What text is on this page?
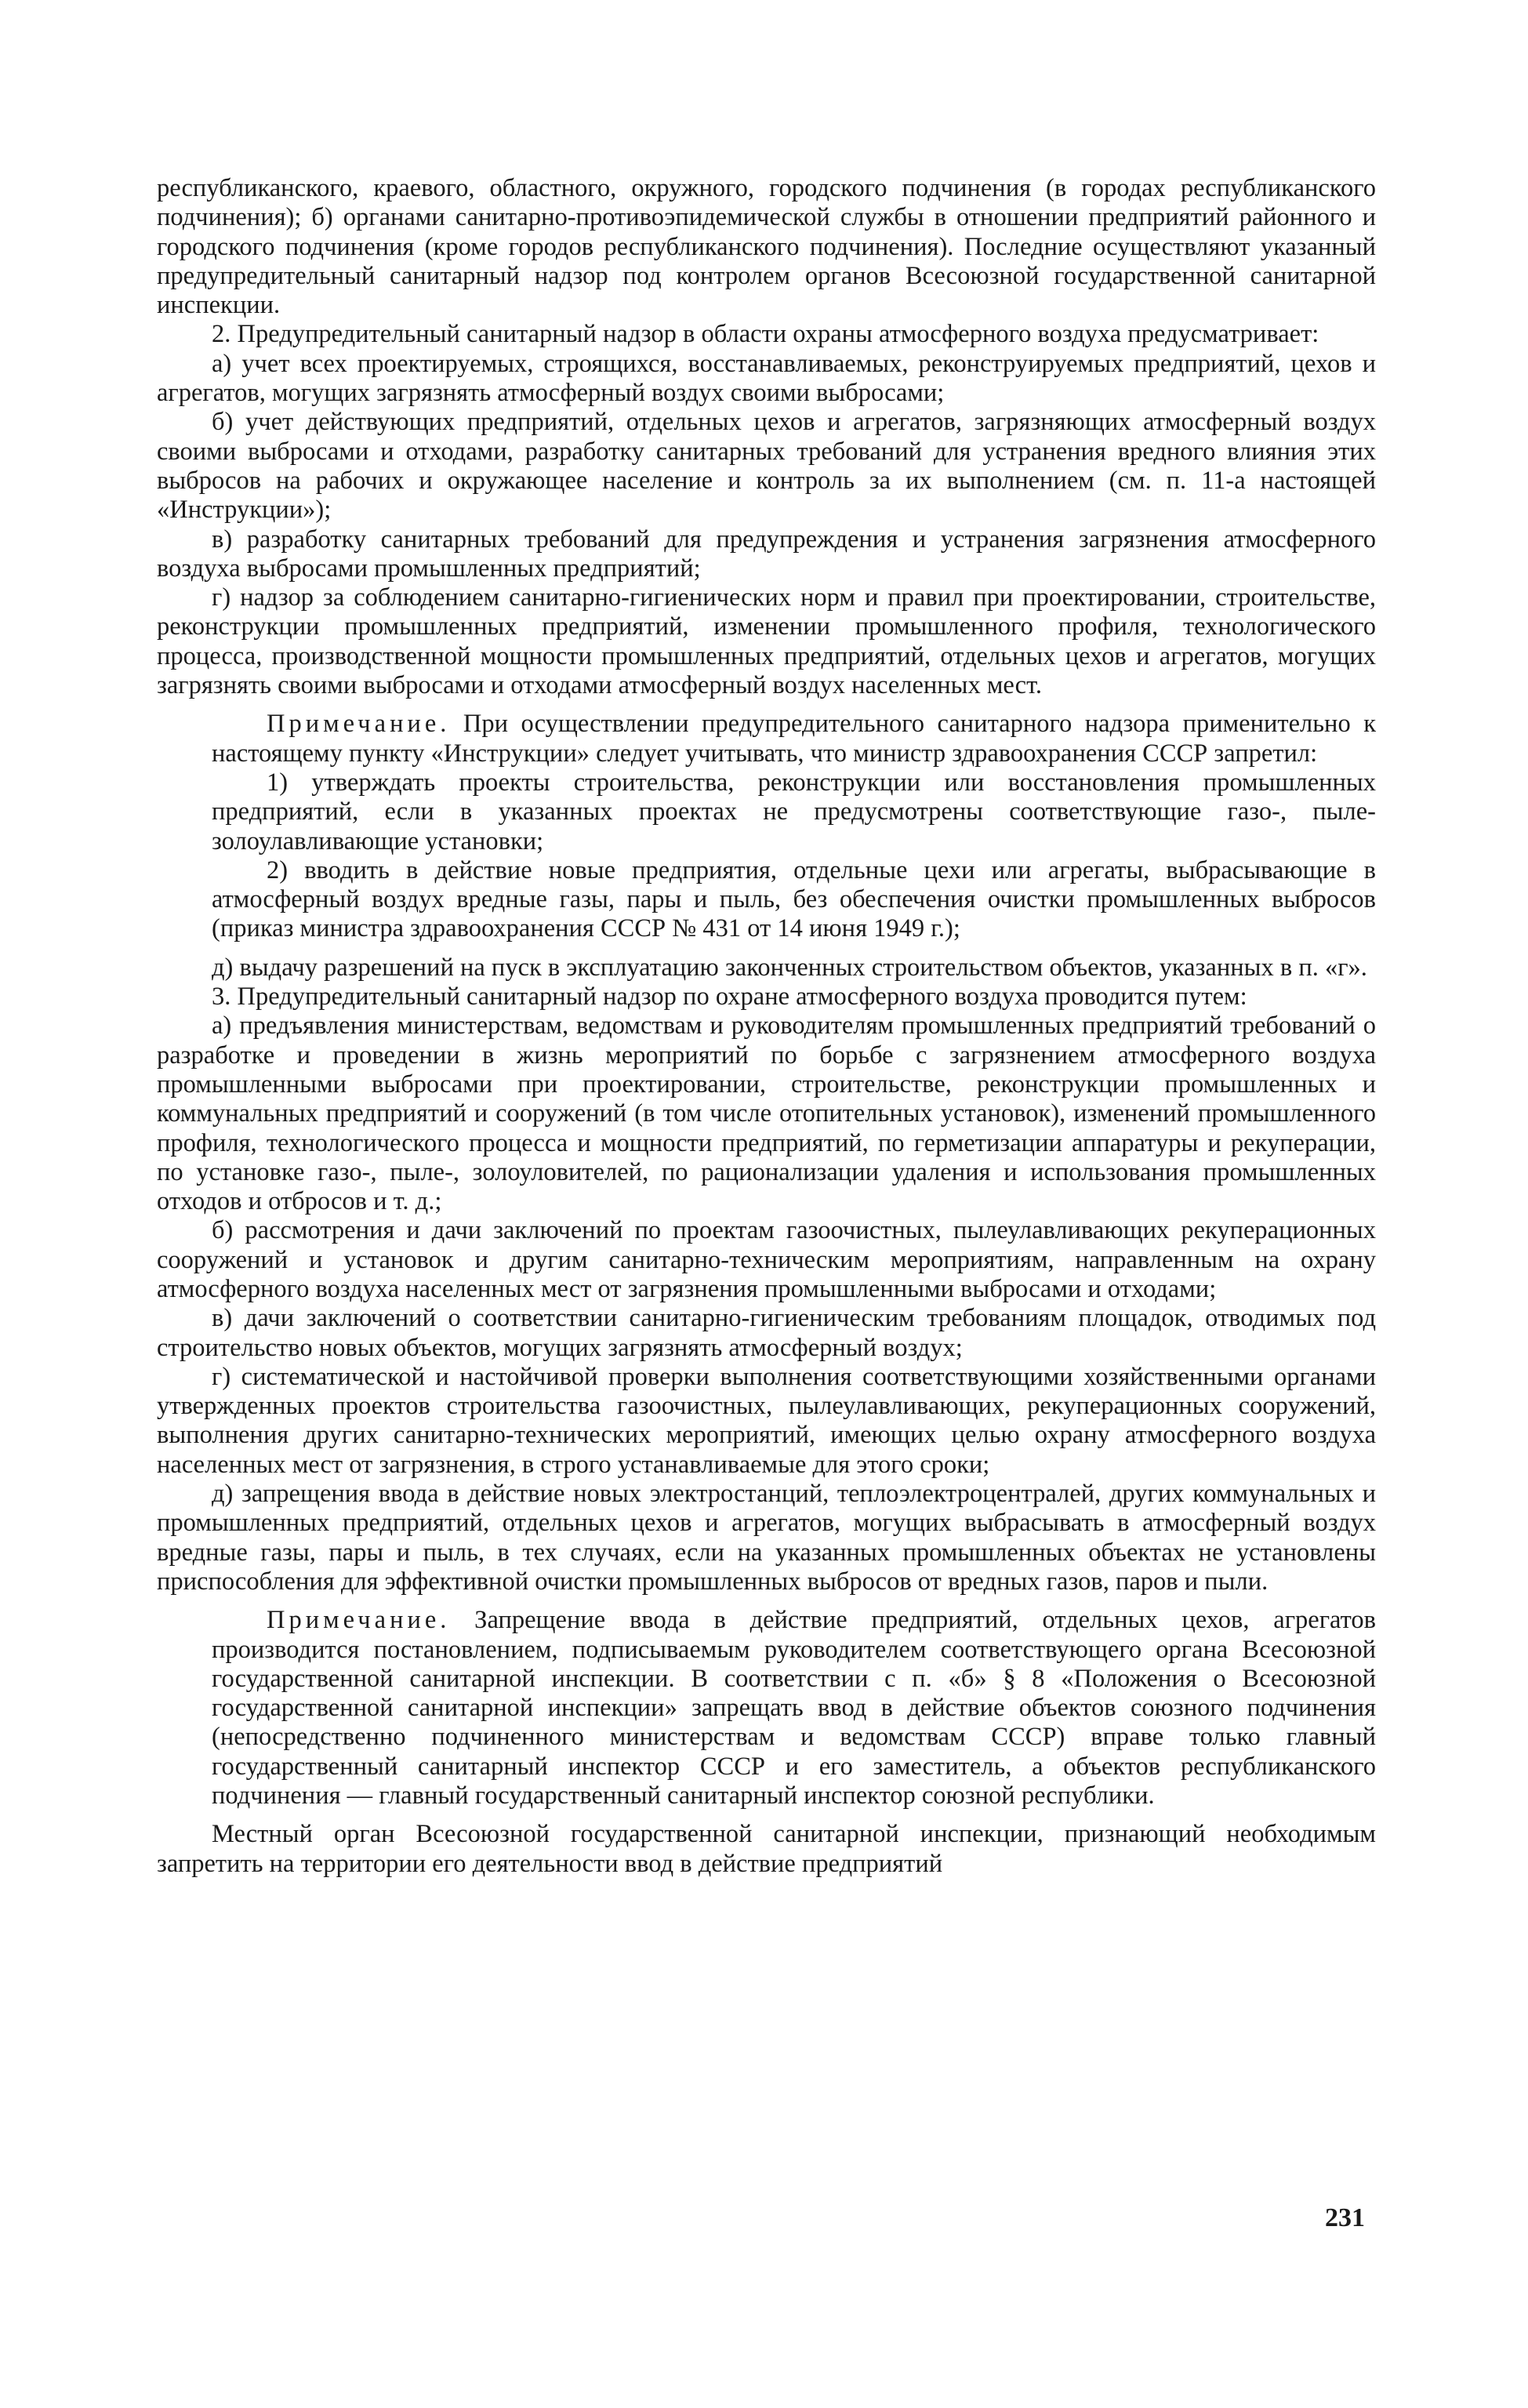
республиканского, краевого, областного, окружного, городского подчинения (в городах республиканского подчинения); б) органами санитарно-противоэпидемической службы в отношении предприятий районного и городского подчинения (кроме городов республиканского подчинения). Последние осуществляют указанный предупредительный санитарный надзор под контролем органов Всесоюзной государственной санитарной инспекции.

2. Предупредительный санитарный надзор в области охраны атмосферного воздуха предусматривает:

а) учет всех проектируемых, строящихся, восстанавливаемых, реконструируемых предприятий, цехов и агрегатов, могущих загрязнять атмосферный воздух своими выбросами;

б) учет действующих предприятий, отдельных цехов и агрегатов, загрязняющих атмосферный воздух своими выбросами и отходами, разработку санитарных требований для устранения вредного влияния этих выбросов на рабочих и окружающее население и контроль за их выполнением (см. п. 11-а настоящей «Инструкции»);

в) разработку санитарных требований для предупреждения и устранения загрязнения атмосферного воздуха выбросами промышленных предприятий;

г) надзор за соблюдением санитарно-гигиенических норм и правил при проектировании, строительстве, реконструкции промышленных предприятий, изменении промышленного профиля, технологического процесса, производственной мощности промышленных предприятий, отдельных цехов и агрегатов, могущих загрязнять своими выбросами и отходами атмосферный воздух населенных мест.

Примечание. При осуществлении предупредительного санитарного надзора применительно к настоящему пункту «Инструкции» следует учитывать, что министр здравоохранения СССР запретил:

1) утверждать проекты строительства, реконструкции или восстановления промышленных предприятий, если в указанных проектах не предусмотрены соответствующие газо-, пыле-золоулавливающие установки;

2) вводить в действие новые предприятия, отдельные цехи или агрегаты, выбрасывающие в атмосферный воздух вредные газы, пары и пыль, без обеспечения очистки промышленных выбросов (приказ министра здравоохранения СССР № 431 от 14 июня 1949 г.);

д) выдачу разрешений на пуск в эксплуатацию законченных строительством объектов, указанных в п. «г».

3. Предупредительный санитарный надзор по охране атмосферного воздуха проводится путем:

а) предъявления министерствам, ведомствам и руководителям промышленных предприятий требований о разработке и проведении в жизнь мероприятий по борьбе с загрязнением атмосферного воздуха промышленными выбросами при проектировании, строительстве, реконструкции промышленных и коммунальных предприятий и сооружений (в том числе отопительных установок), изменений промышленного профиля, технологического процесса и мощности предприятий, по герметизации аппаратуры и рекуперации, по установке газо-, пыле-, золоуловителей, по рационализации удаления и использования промышленных отходов и отбросов и т. д.;

б) рассмотрения и дачи заключений по проектам газоочистных, пылеулавливающих рекуперационных сооружений и установок и другим санитарно-техническим мероприятиям, направленным на охрану атмосферного воздуха населенных мест от загрязнения промышленными выбросами и отходами;

в) дачи заключений о соответствии санитарно-гигиеническим требованиям площадок, отводимых под строительство новых объектов, могущих загрязнять атмосферный воздух;

г) систематической и настойчивой проверки выполнения соответствующими хозяйственными органами утвержденных проектов строительства газоочистных, пылеулавливающих, рекуперационных сооружений, выполнения других санитарно-технических мероприятий, имеющих целью охрану атмосферного воздуха населенных мест от загрязнения, в строго устанавливаемые для этого сроки;

д) запрещения ввода в действие новых электростанций, теплоэлектроцентралей, других коммунальных и промышленных предприятий, отдельных цехов и агрегатов, могущих выбрасывать в атмосферный воздух вредные газы, пары и пыль, в тех случаях, если на указанных промышленных объектах не установлены приспособления для эффективной очистки промышленных выбросов от вредных газов, паров и пыли.

Примечание. Запрещение ввода в действие предприятий, отдельных цехов, агрегатов производится постановлением, подписываемым руководителем соответствующего органа Всесоюзной государственной санитарной инспекции. В соответствии с п. «б» § 8 «Положения о Всесоюзной государственной санитарной инспекции» запрещать ввод в действие объектов союзного подчинения (непосредственно подчиненного министерствам и ведомствам СССР) вправе только главный государственный санитарный инспектор СССР и его заместитель, а объектов республиканского подчинения — главный государственный санитарный инспектор союзной республики.

Местный орган Всесоюзной государственной санитарной инспекции, признающий необходимым запретить на территории его деятельности ввод в действие предприятий

231
